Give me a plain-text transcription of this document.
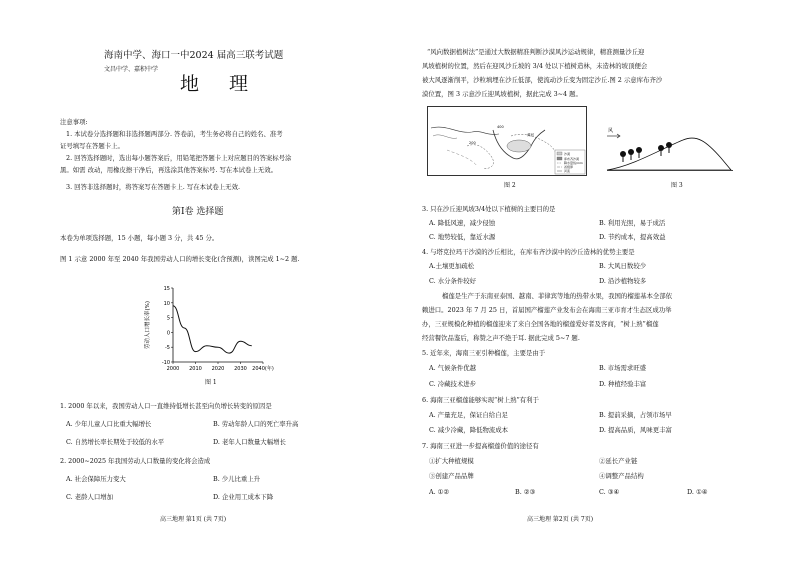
海南中学、海口一中2024 届高三联考试题
文昌中学、嘉积中学
地 理
注意事项:
1. 本试卷分选择题和非选择题两部分. 答卷前，考生务必将自己的姓名、准考
证号填写在答题卡上。
2. 回答选择题时，选出每小题答案后，用铅笔把答题卡上对应题目的答案标号涂
黑。如需 改动，用橡皮擦干净后，再选涂其他答案标号. 写在本试卷上无效。
3. 回答非选择题时，将答案写在答题卡上. 写在本试卷上无效.
第Ⅰ卷 选择题
本卷为单项选择题，15 小题，每小题 3 分，共 45 分。
图 1 示意 2000 年至 2040 年我国劳动人口的增长变化(含预测)，读图完成 1~2 题.
15
10
5
0
-5
-10
2000 2010 2020 2030 2040(年)
劳动人口增长率(%)
图 1
1. 2000 年以来，我国劳动人口一直维持低增长甚至向负增长转变的原因是
A. 少年儿童人口比重大幅增长	B. 劳动年龄人口的死亡率升高
C. 自然增长率长期处于较低的水平	D. 老年人口数量大幅增长
2. 2000~2025 年我国劳动人口数量的变化将会造成
A. 社会保障压力变大	B. 少儿比重上升
C. 老龄人口增加	D. 企业用工成本下降
高三地理 第1页 (共 7页)
“风向数据植树法”是通过大数据精准判断沙漠风沙运动规律，精准测量沙丘迎
风坡植树的位置，然后在迎风沙丘坡的 3/4 处以下植树造林，未造林的坡顶便会
被大风逐渐削平，沙粒填埋在沙丘低部，使流动沙丘变为固定沙丘.图 2 示意库布齐沙
漠位置，图 3 示意沙丘迎风坡植树，据此完成 3~4 题。
沙漠
库布齐沙漠
降水量线/mm
省级界
河流
400
200
黄河
图 2
风
图 3
3. 只在沙丘迎风坡3/4处以下植树的主要目的是
A. 降低风速，减少侵蚀	B. 利用光照，易于成活
C. 地势较低，靠近水源	D. 节约成本，提高效益
4. 与塔克拉玛干沙漠的沙丘相比，在库布齐沙漠中的沙丘造林的优势主要是
A.土壤更加疏松	B. 大风日数较少
C. 水分条件较好	D. 沿沙植物较多
榴莲是生产于东南亚泰国、越南、菲律宾等地的热带水果，我国的榴莲基本全部依
赖进口。2023 年 7 月 25 日，首届国产榴莲产业发布会在海南三亚市育才生态区成功举
办，三亚规模化种植的榴莲迎来了来自全国各地的榴莲爱好者及客商，“树上熟”榴莲
经营餐饮品鉴后，称赞之声不绝于耳. 据此完成 5~7 题.
5. 近年来，海南三亚引种榴莲，主要是由于
A. 气候条件优越	B. 市场需求旺盛
C. 冷藏技术进步	D. 种植经验丰富
6. 海南三亚榴莲能够实现“树上熟”有利于
A. 产量充足，保证自给自足	B. 提前采摘，占领市场早
C. 减少冷藏，降低物流成本	D. 提高品质，风味更丰富
7. 海南三亚进一步提高榴莲价值的途径有
①扩大种植规模	②延长产业链
③创建产品品牌	④调整产品结构
A. ①②	B. ②③	C. ③④	D. ①④
高三地理 第2页 (共 7页)
